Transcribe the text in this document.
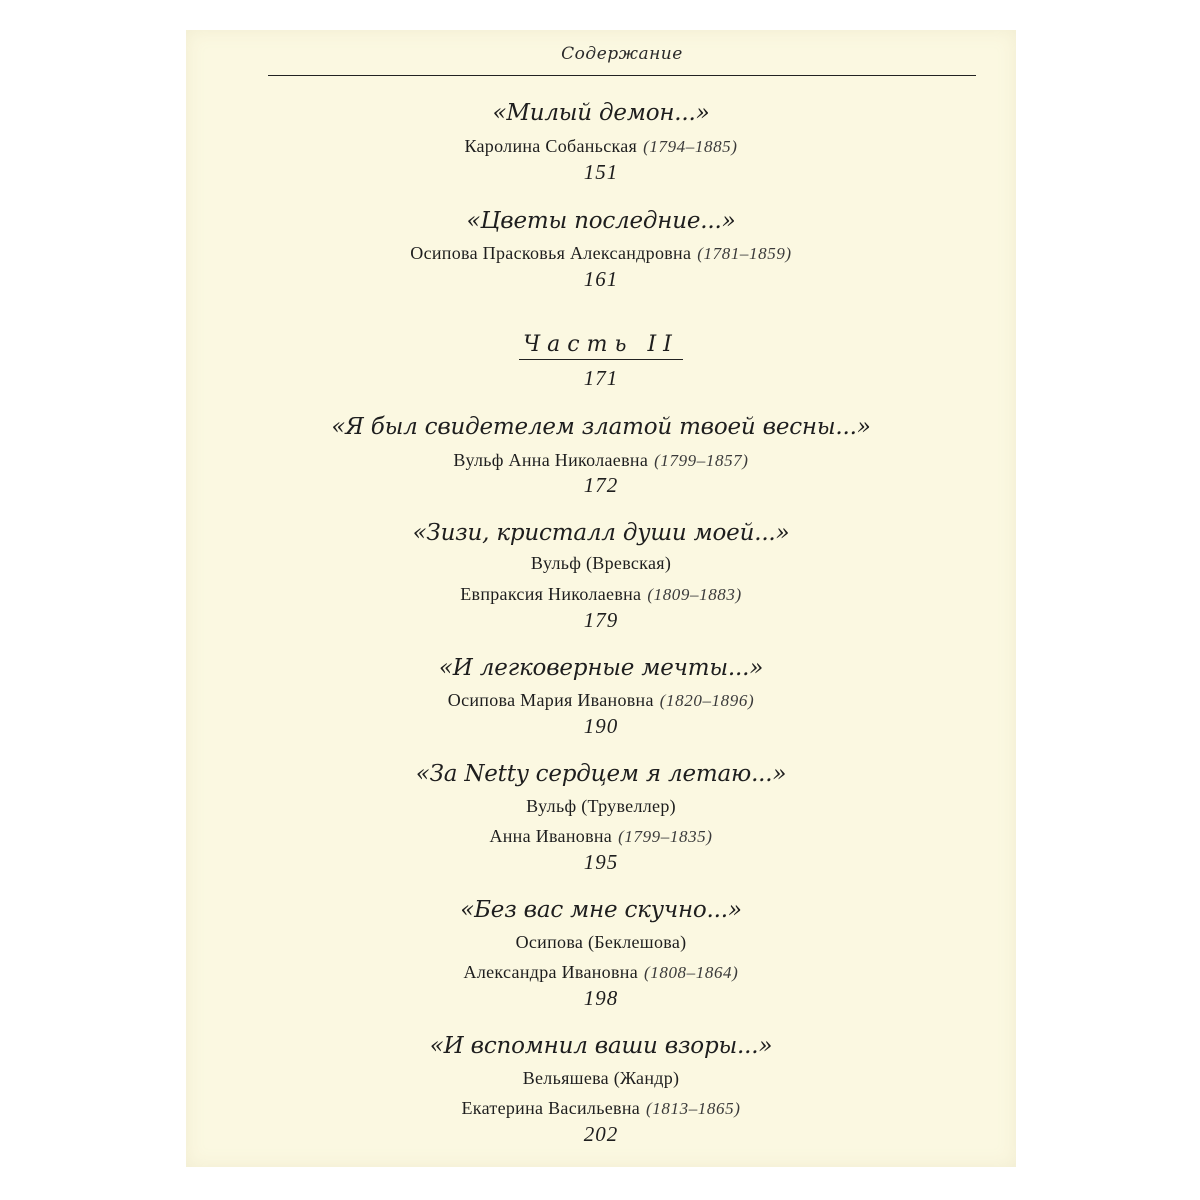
Содержание
«Милый демон...»
Каролина Собаньская (1794–1885)
151
«Цветы последние...»
Осипова Прасковья Александровна (1781–1859)
161
Часть II
171
«Я был свидетелем златой твоей весны...»
Вульф Анна Николаевна (1799–1857)
172
«Зизи, кристалл души моей...»
Вульф (Вревская)
Евпраксия Николаевна (1809–1883)
179
«И легковерные мечты...»
Осипова Мария Ивановна (1820–1896)
190
«За Netty сердцем я летаю...»
Вульф (Трувеллер)
Анна Ивановна (1799–1835)
195
«Без вас мне скучно...»
Осипова (Беклешова)
Александра Ивановна (1808–1864)
198
«И вспомнил ваши взоры...»
Вельяшева (Жандр)
Екатерина Васильевна (1813–1865)
202
